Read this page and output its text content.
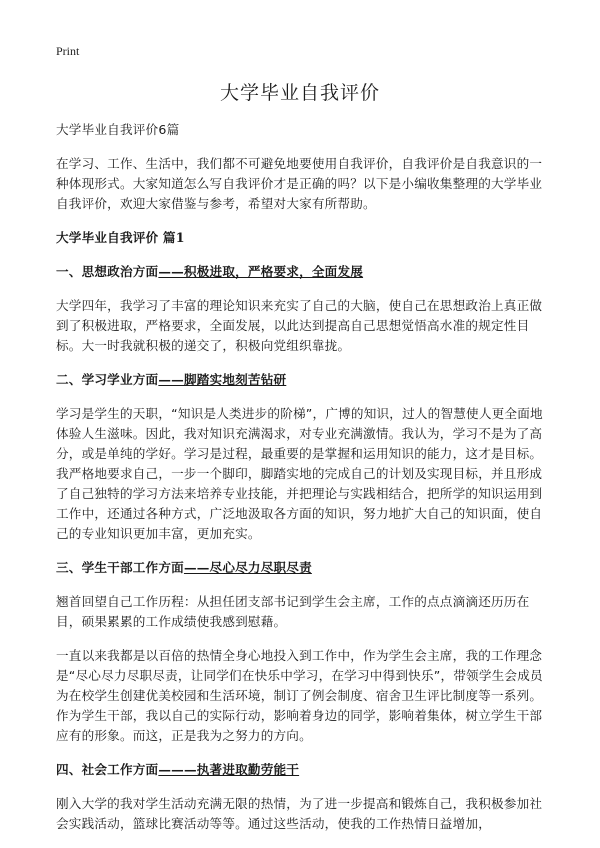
Print
大学毕业自我评价

大学毕业自我评价6篇

在学习、工作、生活中，我们都不可避免地要使用自我评价，自我评价是自我意识的一种体现形式。大家知道怎么写自我评价才是正确的吗？以下是小编收集整理的大学毕业自我评价，欢迎大家借鉴与参考，希望对大家有所帮助。

大学毕业自我评价 篇1

一、思想政治方面——积极进取，严格要求，全面发展

大学四年，我学习了丰富的理论知识来充实了自己的大脑，使自己在思想政治上真正做到了积极进取，严格要求，全面发展，以此达到提高自己思想觉悟高水准的规定性目标。大一时我就积极的递交了，积极向党组织靠拢。

二、学习学业方面——脚踏实地刻苦钻研

学习是学生的天职，“知识是人类进步的阶梯”，广博的知识，过人的智慧使人更全面地体验人生滋味。因此，我对知识充满渴求，对专业充满激情。我认为，学习不是为了高分，或是单纯的学好。学习是过程，最重要的是掌握和运用知识的能力，这才是目标。我严格地要求自己，一步一个脚印，脚踏实地的完成自己的计划及实现目标，并且形成了自己独特的学习方法来培养专业技能，并把理论与实践相结合，把所学的知识运用到工作中，还通过各种方式，广泛地汲取各方面的知识，努力地扩大自己的知识面，使自己的专业知识更加丰富，更加充实。

三、学生干部工作方面——尽心尽力尽职尽责

翘首回望自己工作历程：从担任团支部书记到学生会主席，工作的点点滴滴还历历在目，硕果累累的工作成绩使我感到慰藉。

一直以来我都是以百倍的热情全身心地投入到工作中，作为学生会主席，我的工作理念是“尽心尽力尽职尽责，让同学们在快乐中学习，在学习中得到快乐”，带领学生会成员为在校学生创建优美校园和生活环境，制订了例会制度、宿舍卫生评比制度等一系列。作为学生干部，我以自己的实际行动，影响着身边的同学，影响着集体，树立学生干部应有的形象。而这，正是我为之努力的方向。

四、社会工作方面———执著进取勤劳能干

刚入大学的我对学生活动充满无限的热情，为了进一步提高和锻炼自己，我积极参加社会实践活动，篮球比赛活动等等。通过这些活动，使我的工作热情日益增加，
